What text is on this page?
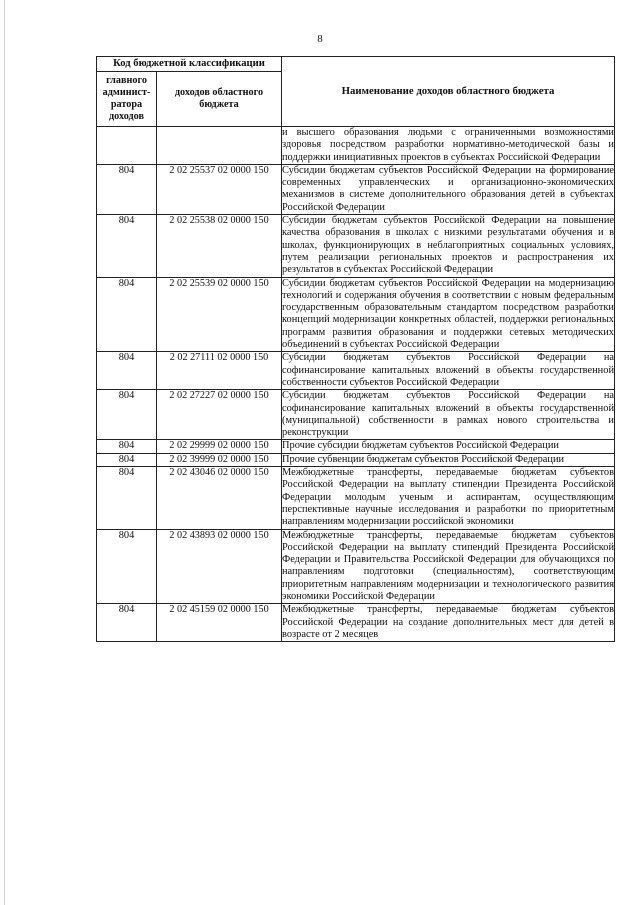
8
Код бюджетной классификации		Наименование доходов областного бюджета
главного админист-ратора доходов	доходов областного бюджета	
		и высшего образования людьми с ограниченными возможностями здоровья посредством разработки нормативно-методической базы и поддержки инициативных проектов в субъектах Российской Федерации
804	2 02 25537 02 0000 150	Субсидии бюджетам субъектов Российской Федерации на формирование современных управленческих и организационно-экономических механизмов в системе дополнительного образования детей в субъектах Российской Федерации
804	2 02 25538 02 0000 150	Субсидии бюджетам субъектов Российской Федерации на повышение качества образования в школах с низкими результатами обучения и в школах, функционирующих в неблагоприятных социальных условиях, путем реализации региональных проектов и распространения их результатов в субъектах Российской Федерации
804	2 02 25539 02 0000 150	Субсидии бюджетам субъектов Российской Федерации на модернизацию технологий и содержания обучения в соответствии с новым федеральным государственным образовательным стандартом посредством разработки концепций модернизации конкретных областей, поддержки региональных программ развития образования и поддержки сетевых методических объединений в субъектах Российской Федерации
804	2 02 27111 02 0000 150	Субсидии бюджетам субъектов Российской Федерации на софинансирование капитальных вложений в объекты государственной собственности субъектов Российской Федерации
804	2 02 27227 02 0000 150	Субсидии бюджетам субъектов Российской Федерации на софинансирование капитальных вложений в объекты государственной (муниципальной) собственности в рамках нового строительства и реконструкции
804	2 02 29999 02 0000 150	Прочие субсидии бюджетам субъектов Российской Федерации
804	2 02 39999 02 0000 150	Прочие субвенции бюджетам субъектов Российской Федерации
804	2 02 43046 02 0000 150	Межбюджетные трансферты, передаваемые бюджетам субъектов Российской Федерации на выплату стипендии Президента Российской Федерации молодым ученым и аспирантам, осуществляющим перспективные научные исследования и разработки по приоритетным направлениям модернизации российской экономики
804	2 02 43893 02 0000 150	Межбюджетные трансферты, передаваемые бюджетам субъектов Российской Федерации на выплату стипендий Президента Российской Федерации и Правительства Российской Федерации для обучающихся по направлениям подготовки (специальностям), соответствующим приоритетным направлениям модернизации и технологического развития экономики Российской Федерации
804	2 02 45159 02 0000 150	Межбюджетные трансферты, передаваемые бюджетам субъектов Российской Федерации на создание дополнительных мест для детей в возрасте от 2 месяцев
